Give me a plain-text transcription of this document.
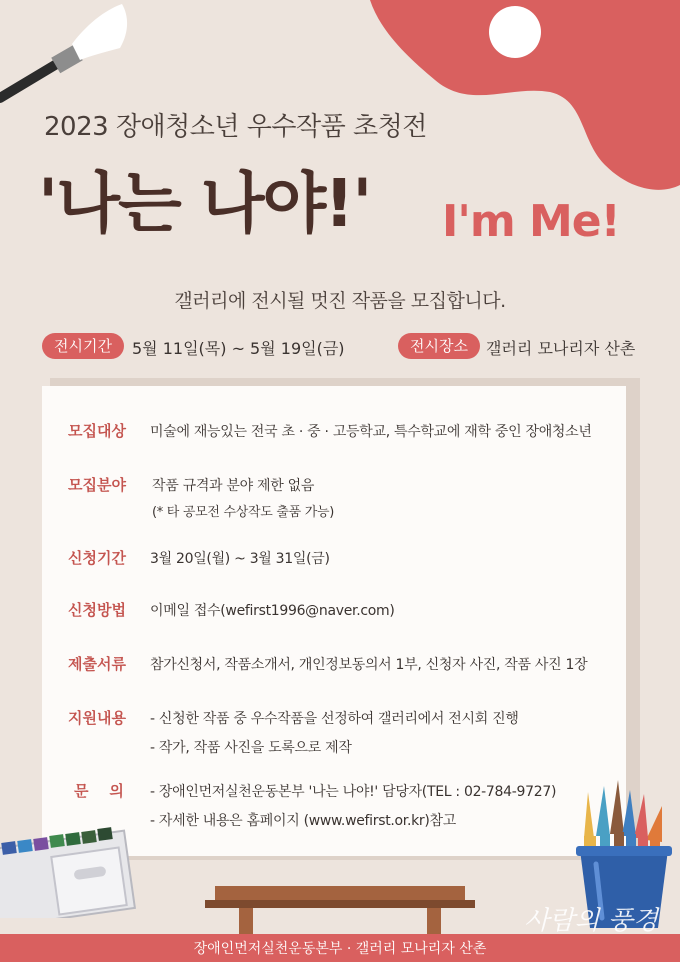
2023 장애청소년 우수작품 초청전
'나는 나야!' I'm Me!
갤러리에 전시될 멋진 작품을 모집합니다.
전시기간	5월 11일(목) ~ 5월 19일(금)	전시장소	갤러리 모나리자 산촌
모집대상 미술에 재능있는 전국 초 · 중 · 고등학교, 특수학교에 재학 중인 장애청소년
모집분야 작품 규격과 분야 제한 없음
(* 타 공모전 수상작도 출품 가능)
신청기간 3월 20일(월) ~ 3월 31일(금)
신청방법 이메일 접수(wefirst1996@naver.com)
제출서류 참가신청서, 작품소개서, 개인정보동의서 1부, 신청자 사진, 작품 사진 1장
지원내용 - 신청한 작품 중 우수작품을 선정하여 갤러리에서 전시회 진행
- 작가, 작품 사진을 도록으로 제작
문    의 - 장애인먼저실천운동본부 '나는 나야!' 담당자(TEL : 02-784-9727)
- 자세한 내용은 홈페이지 (www.wefirst.or.kr)참고
장애인먼저실천운동본부 · 갤러리 모나리자 산촌
사람의 풍경
